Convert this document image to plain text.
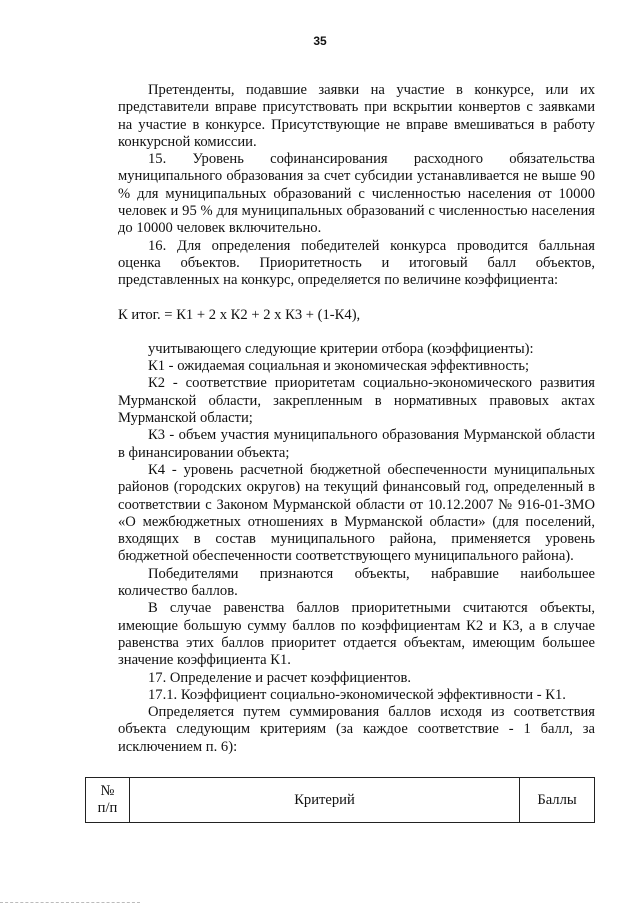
35

Претенденты, подавшие заявки на участие в конкурсе, или их представители вправе присутствовать при вскрытии конвертов с заявками на участие в конкурсе. Присутствующие не вправе вмешиваться в работу конкурсной комиссии.

15. Уровень софинансирования расходного обязательства муниципального образования за счет субсидии устанавливается не выше 90 % для муниципальных образований с численностью населения от 10000 человек и 95 % для муниципальных образований с численностью населения до 10000 человек включительно.

16. Для определения победителей конкурса проводится балльная оценка объектов. Приоритетность и итоговый балл объектов, представленных на конкурс, определяется по величине коэффициента:

К итог. = К1 + 2 х К2 + 2 х К3 + (1-К4),

учитывающего следующие критерии отбора (коэффициенты):

К1 - ожидаемая социальная и экономическая эффективность;

К2 - соответствие приоритетам социально-экономического развития Мурманской области, закрепленным в нормативных правовых актах Мурманской области;

К3 - объем участия муниципального образования Мурманской области в финансировании объекта;

К4 - уровень расчетной бюджетной обеспеченности муниципальных районов (городских округов) на текущий финансовый год, определенный в соответствии с Законом Мурманской области от 10.12.2007 № 916-01-ЗМО «О межбюджетных отношениях в Мурманской области» (для поселений, входящих в состав муниципального района, применяется уровень бюджетной обеспеченности соответствующего муниципального района).

Победителями признаются объекты, набравшие наибольшее количество баллов.

В случае равенства баллов приоритетными считаются объекты, имеющие большую сумму баллов по коэффициентам К2 и К3, а в случае равенства этих баллов приоритет отдается объектам, имеющим большее значение коэффициента К1.

17. Определение и расчет коэффициентов.

17.1. Коэффициент социально-экономической эффективности - К1.

Определяется путем суммирования баллов исходя из соответствия объекта следующим критериям (за каждое соответствие - 1 балл, за исключением п. 6):

№
п/п	Критерий	Баллы
